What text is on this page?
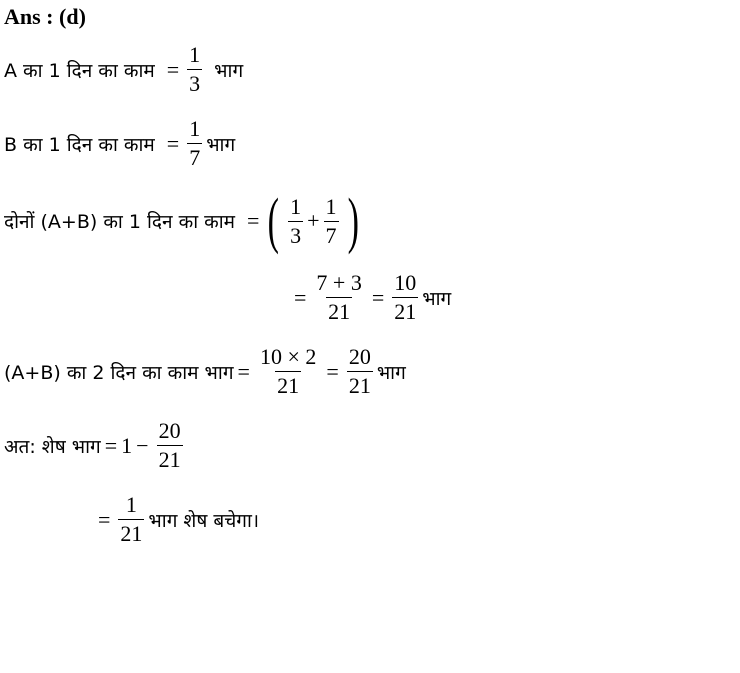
Ans : (d)
A का 1 दिन का काम = $\frac{1}{3}$ भाग
B का 1 दिन का काम = $\frac{1}{7}$ भाग
दोनों (A+B) का 1 दिन का काम = ( $\frac{1}{3} + \frac{1}{7}$ )
= $\frac{7 + 3}{21} = \frac{10}{21}$ भाग
(A+B) का 2 दिन का काम भाग = $\frac{10 \times 2}{21} = \frac{20}{21}$ भाग
अत: शेष भाग = $1 - \frac{20}{21}$
= $\frac{1}{21}$ भाग शेष बचेगा।
